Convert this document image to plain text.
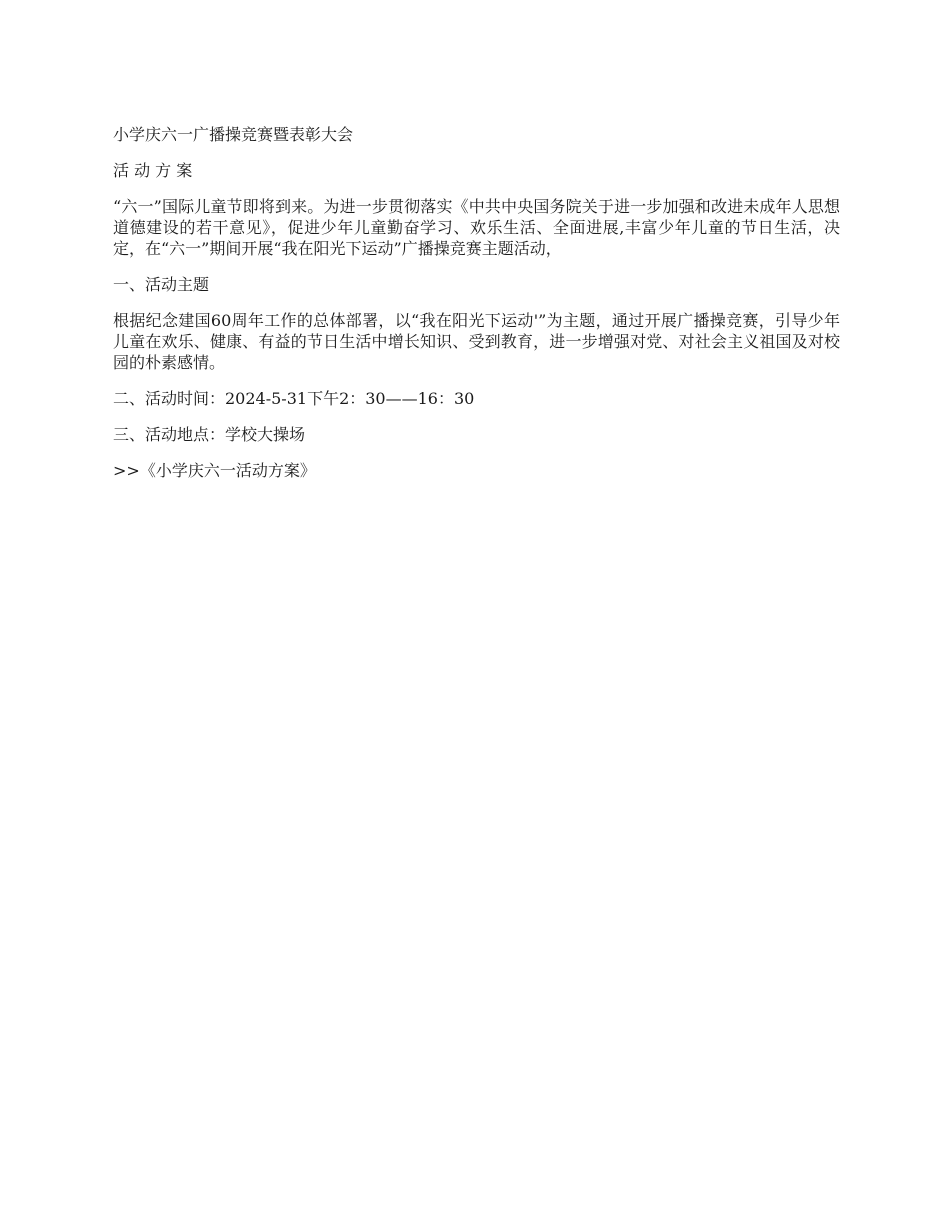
小学庆六一广播操竞赛暨表彰大会

活 动 方 案

“六一”国际儿童节即将到来。为进一步贯彻落实《中共中央国务院关于进一步加强和改进未成年人思想道德建设的若干意见》，促进少年儿童勤奋学习、欢乐生活、全面进展,丰富少年儿童的节日生活，决定，在“六一”期间开展“我在阳光下运动”广播操竞赛主题活动，

一、活动主题

根据纪念建国60周年工作的总体部署，以“我在阳光下运动'”为主题，通过开展广播操竞赛，引导少年儿童在欢乐、健康、有益的节日生活中增长知识、受到教育，进一步增强对党、对社会主义祖国及对校园的朴素感情。

二、活动时间：2024-5-31下午2：30——16：30

三、活动地点：学校大操场

>>《小学庆六一活动方案》
